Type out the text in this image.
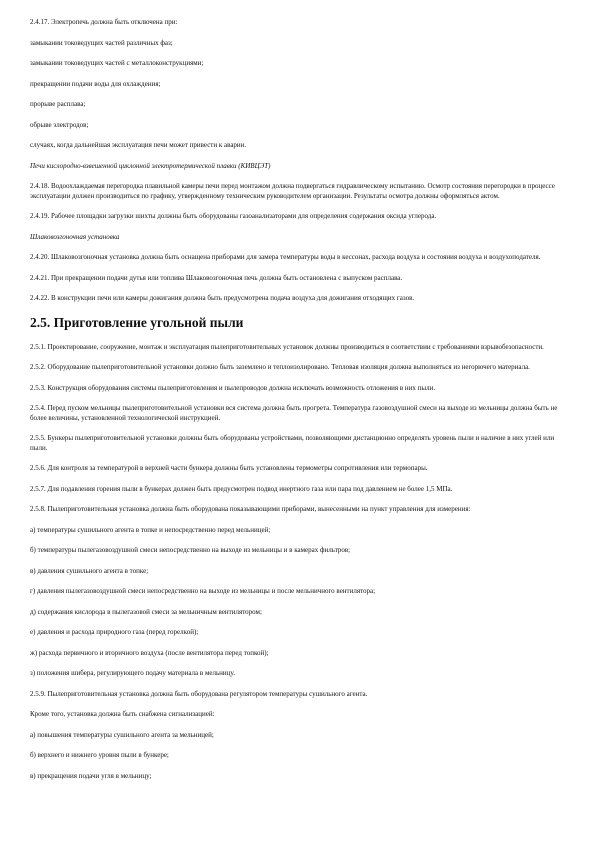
2.4.17. Электропечь должна быть отключена при:

замыкании токоведущих частей различных фаз;

замыкании токоведущих частей с металлоконструкциями;

прекращении подачи воды для охлаждения;

прорыве расплава;

обрыве электродов;

случаях, когда дальнейшая эксплуатация печи может привести к аварии.

Печи кислородно-взвешенной циклонной электротермической плавки (КИВЦЭТ)

2.4.18. Водоохлаждаемая перегородка плавильной камеры печи перед монтажом должна подвергаться гидравлическому испытанию. Осмотр состояния перегородки в процессе эксплуатации должен производиться по графику, утвержденному техническим руководителем организации. Результаты осмотра должны оформляться актом.

2.4.19. Рабочее площадки загрузки шихты должны быть оборудованы газоанализаторами для определения содержания оксида углерода.

Шлаковозгоночная установка

2.4.20. Шлаковозгоночная установка должна быть оснащена приборами для замера температуры воды в кессонах, расхода воздуха и состояния воздуха и воздухоподателя.

2.4.21. При прекращении подачи дутья или топлива Шлаковозгоночная печь должна быть остановлена с выпуском расплава.

2.4.22. В конструкции печи или камеры дожигания должна быть предусмотрена подача воздуха для дожигания отходящих газов.

2.5. Приготовление угольной пыли

2.5.1. Проектирование, сооружение, монтаж и эксплуатация пылеприготовительных установок должны производиться в соответствии с требованиями взрывобезопасности.

2.5.2. Оборудование пылеприготовительной установки должно быть заземлено и теплоизолировано. Тепловая изоляция должна выполняться из негорючего материала.

2.5.3. Конструкция оборудования системы пылеприготовления и пылепроводов должна исключать возможность отложения в них пыли.

2.5.4. Перед пуском мельницы пылеприготовительной установки вся система должна быть прогрета. Температура газовоздушной смеси на выходе из мельницы должна быть не более величины, установленной технологической инструкцией.

2.5.5. Бункеры пылеприготовительной установки должны быть оборудованы устройствами, позволяющими дистанционно определять уровень пыли и наличие в них углей или пыли.

2.5.6. Для контроля за температурой в верхней части бункера должны быть установлены термометры сопротивления или термопары.

2.5.7. Для подавления горения пыли в бункерах должен быть предусмотрен подвод инертного газа или пара под давлением не более 1,5 МПа.

2.5.8. Пылеприготовительная установка должна быть оборудована показывающими приборами, вынесенными на пункт управления для измерения:

а) температуры сушильного агента в топке и непосредственно перед мельницей;

б) температуры пылегазовоздушной смеси непосредственно на выходе из мельницы и в камерах фильтров;

в) давления сушильного агента в топке;

г) давления пылегазовоздушной смеси непосредственно на выходе из мельницы и после мельничного вентилятора;

д) содержания кислорода в пылегазовой смеси за мельничным вентилятором;

е) давления и расхода природного газа (перед горелкой);

ж) расхода первичного и вторичного воздуха (после вентилятора перед топкой);

з) положения шибера, регулирующего подачу материала в мельницу.

2.5.9. Пылеприготовительная установка должна быть оборудована регулятором температуры сушильного агента.

Кроме того, установка должна быть снабжена сигнализацией:

а) повышения температуры сушильного агента за мельницей;

б) верхнего и нижнего уровня пыли в бункере;

в) прекращения подачи угля в мельницу;
